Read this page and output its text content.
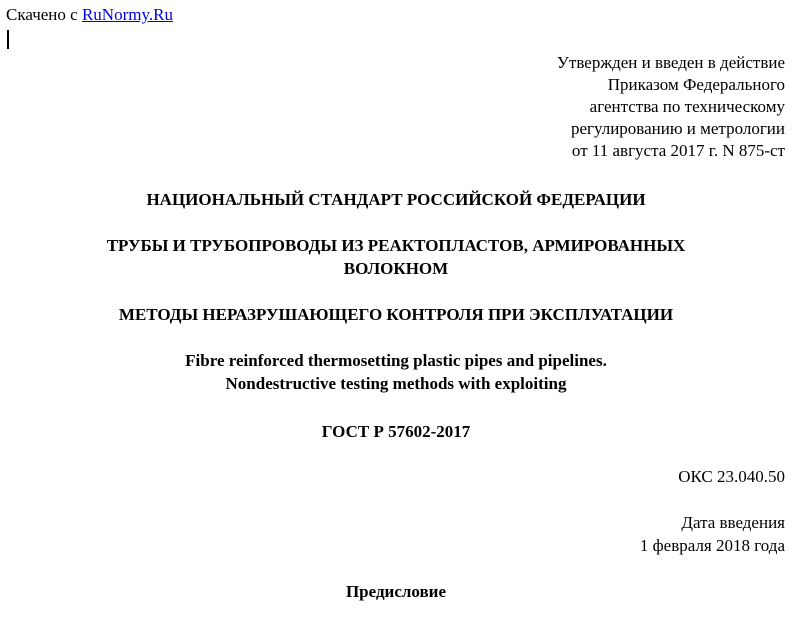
Скачено с RuNormy.Ru
Утвержден и введен в действие
Приказом Федерального
агентства по техническому
регулированию и метрологии
от 11 августа 2017 г. N 875-ст
НАЦИОНАЛЬНЫЙ СТАНДАРТ РОССИЙСКОЙ ФЕДЕРАЦИИ
ТРУБЫ И ТРУБОПРОВОДЫ ИЗ РЕАКТОПЛАСТОВ, АРМИРОВАННЫХ
ВОЛОКНОМ
МЕТОДЫ НЕРАЗРУШАЮЩЕГО КОНТРОЛЯ ПРИ ЭКСПЛУАТАЦИИ
Fibre reinforced thermosetting plastic pipes and pipelines.
Nondestructive testing methods with exploiting
ГОСТ Р 57602-2017
ОКС 23.040.50
Дата введения
1 февраля 2018 года
Предисловие
